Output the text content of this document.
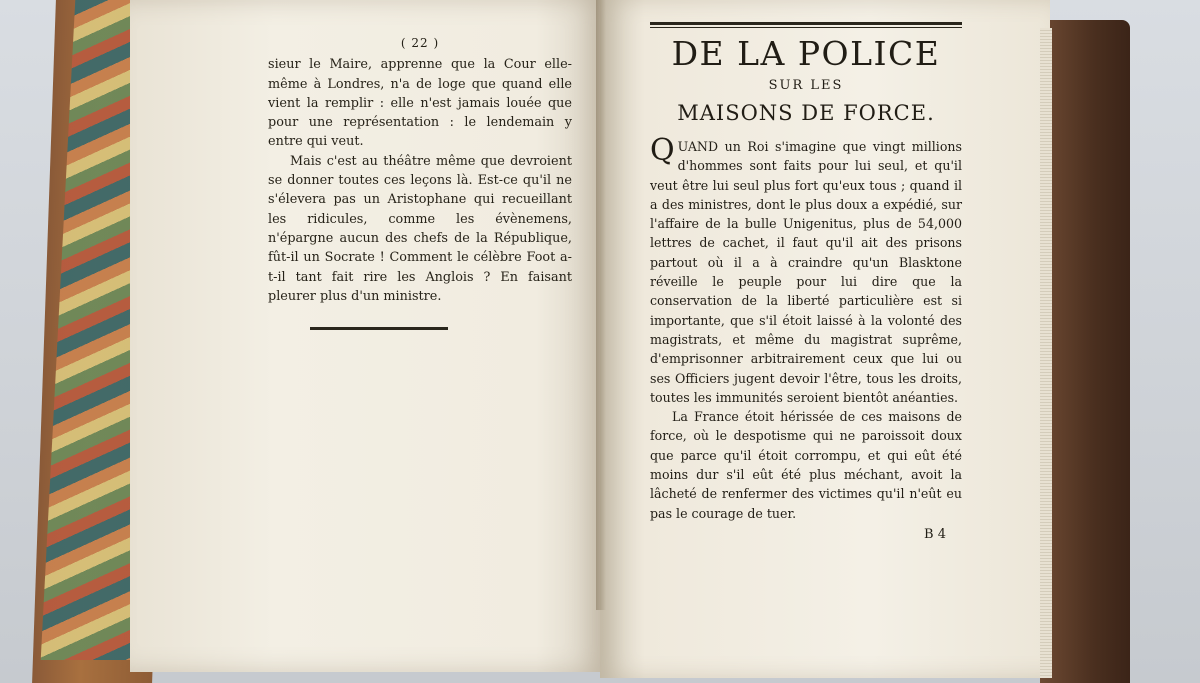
( 22 )

sieur le Maire, apprenne que la Cour elle-même à Londres, n'a de loge que quand elle vient la remplir : elle n'est jamais louée que pour une représentation : le lendemain y entre qui veut.

Mais c'est au théâtre même que devroient se donner toutes ces leçons là. Est-ce qu'il ne s'élevera pas un Aristophane qui recueillant les ridicules, comme les évènemens, n'épargne aucun des chefs de la République, fût-il un Socrate ! Comment le célèbre Foot a-t-il tant fait rire les Anglois ? En faisant pleurer plus d'un ministre.

DE LA POLICE
SUR LES
MAISONS DE FORCE.

QUAND un Roi s'imagine que vingt millions d'hommes sont faits pour lui seul, et qu'il veut être lui seul plus fort qu'eux tous ; quand il a des ministres, dont le plus doux a expédié, sur l'affaire de la bulle Unigenitus, plus de 54,000 lettres de cachet, il faut qu'il ait des prisons partout où il a à craindre qu'un Blasktone réveille le peuple pour lui dire que la conservation de la liberté particulière est si importante, que s'il étoit laissé à la volonté des magistrats, et même du magistrat suprême, d'emprisonner arbitrairement ceux que lui ou ses Officiers jugent devoir l'être, tous les droits, toutes les immunités seroient bientôt anéanties.

La France étoit hérissée de ces maisons de force, où le despotisme qui ne paroissoit doux que parce qu'il étoit corrompu, et qui eût été moins dur s'il eût été plus méchant, avoit la lâcheté de renfermer des victimes qu'il n'eût eu pas le courage de tuer.

B 4
